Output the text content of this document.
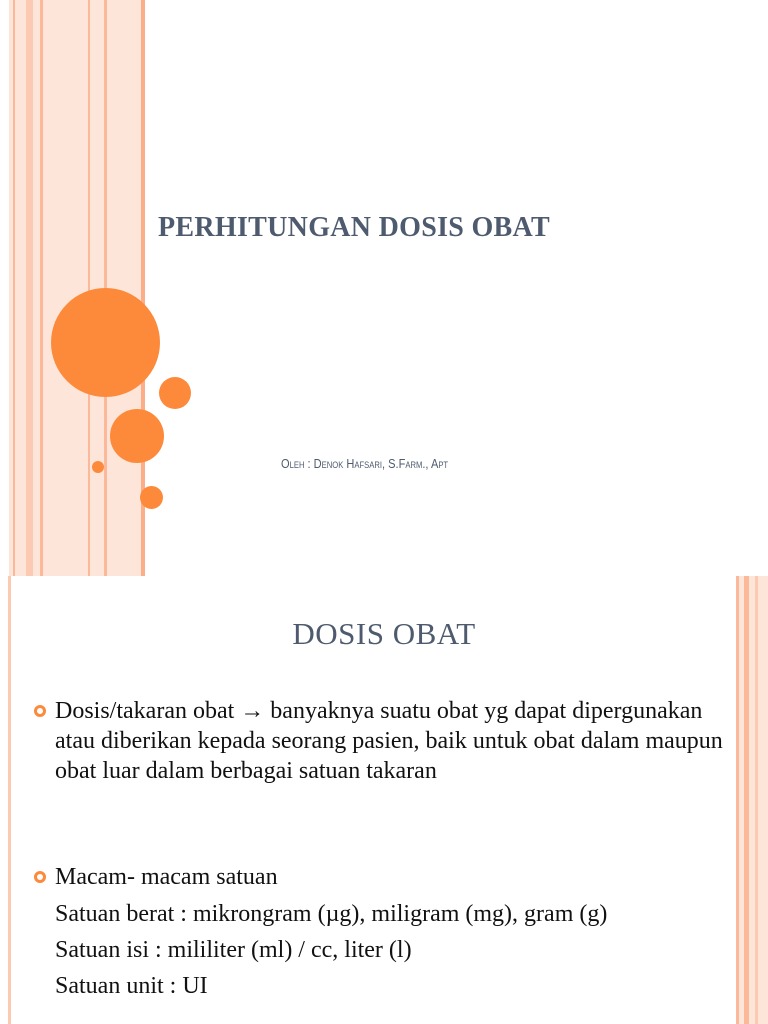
PERHITUNGAN DOSIS OBAT
Oleh : Denok Hafsari, S.Farm., Apt
DOSIS OBAT
Dosis/takaran obat → banyaknya suatu obat yg dapat dipergunakan atau diberikan kepada seorang pasien, baik untuk obat dalam maupun obat luar dalam berbagai satuan takaran
Macam- macam satuan
Satuan berat : mikrongram (µg), miligram (mg), gram (g)
Satuan isi : mililiter (ml) / cc, liter (l)
Satuan unit : UI
